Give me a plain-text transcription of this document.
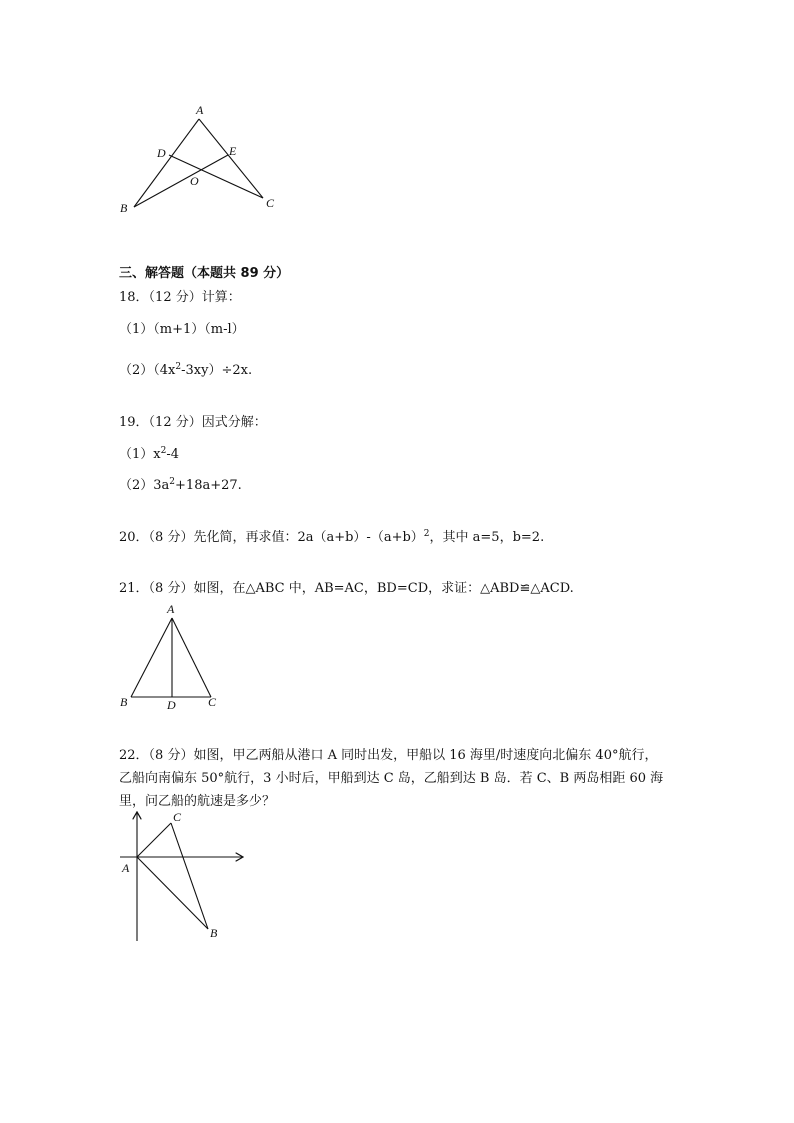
A
D	E
O
B	C
三、解答题（本题共 89 分）
18．（12 分）计算：
（1）（m+1）（m-l）
$(2)(4x^2-3xy)\div 2x$.
19．（12 分）因式分解：
$(1)x^2-4$
$(2)3a^2+18a+27$.
20．（8 分）先化简，再求值：$2a(a+b)-(a+b)^2$，其中 a=5，b=2.
21．（8 分）如图，在△ABC 中，AB=AC，BD=CD，求证：△ABD≌△ACD.
A
B	D	C
22．（8 分）如图，甲乙两船从港口 A 同时出发，甲船以 16 海里/时速度向北偏东 40°航行，
乙船向南偏东 50°航行，3 小时后，甲船到达 C 岛，乙船到达 B 岛．若 C、B 两岛相距 60 海
里，问乙船的航速是多少？
C
A
B
